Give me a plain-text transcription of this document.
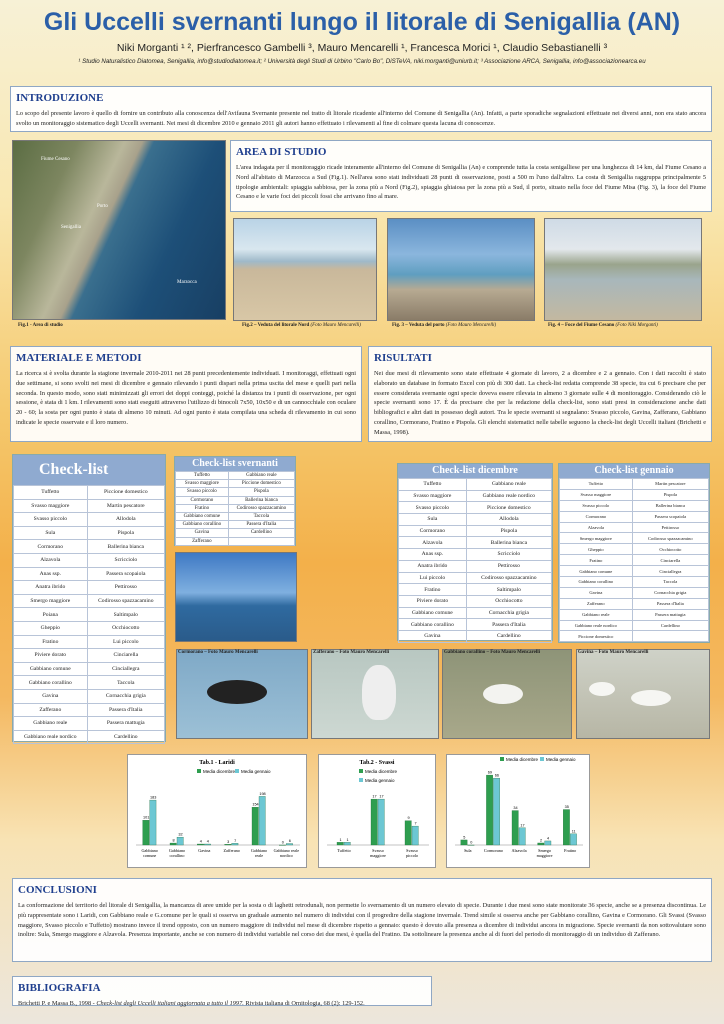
Gli Uccelli svernanti lungo il litorale di Senigallia (AN)
Niki Morganti ¹ ², Pierfrancesco Gambelli ³, Mauro Mencarelli ¹, Francesca Morici ¹, Claudio Sebastianelli ³
¹ Studio Naturalistico Diatomea, Senigallia, info@studiodiatomea.it; ² Università degli Studi di Urbino "Carlo Bo", DiSTeVA, niki.morganti@uniurb.it; ³ Associazione ARCA, Senigallia, info@associazionearca.eu
INTRODUZIONE

Lo scopo del presente lavoro è quello di fornire un contributo alla conoscenza dell'Avifauna Svernante presente nel tratto di litorale ricadente all'interno del Comune di Senigallia (An). Infatti, a parte sporadiche segnalazioni effettuate nei diversi anni, non era stato ancora svolto un monitoraggio sistematico degli Uccelli svernanti. Nei mesi di dicembre 2010 e gennaio 2011 gli autori hanno effettuato i rilevamenti al fine di colmare questa lacuna di conoscenze.

Fiume Cesano
Porto
Senigallia
Marzocca
Fig.1 - Area di studio
AREA DI STUDIO

L'area indagata per il monitoraggio ricade interamente all'interno del Comune di Senigallia (An) e comprende tutta la costa senigalliese per una lunghezza di 14 km, dal Fiume Cesano a Nord all'abitato di Marzocca a Sud (Fig.1). Nell'area sono stati individuati 28 punti di osservazione, posti a 500 m l'uno dall'altro. La costa di Senigallia raggruppa principalmente 5 tipologie ambientali: spiaggia sabbiosa, per la zona più a Nord (Fig.2), spiaggia ghiaiosa per la zona più a Sud, il porto, situato nella foce del Fiume Misa (Fig. 3), la foce del Fiume Cesano e le varie foci dei piccoli fossi che arrivano fino al mare.

Fig.2 – Veduta del litorale Nord (Foto Mauro Mencarelli)	Fig. 3 – Veduta del porto (Foto Mauro Mencarelli)	Fig. 4 – Foce del Fiume Cesano (Foto Niki Morganti)
MATERIALE E METODI

La ricerca si è svolta durante la stagione invernale 2010-2011 nei 28 punti precedentemente individuati. I monitoraggi, effettuati ogni due settimane, si sono svolti nei mesi di dicembre e gennaio rilevando i punti dispari nella prima uscita del mese e quelli pari nella seconda. In questo modo, sono stati minimizzati gli errori dei doppi conteggi, poiché la distanza tra i punti di osservazione, per ogni sessione, è stata di 1 km. I rilevamenti sono stati eseguiti attraverso l'utilizzo di binocoli 7x50, 10x50 e di un cannocchiale con oculare 20 - 60; la sosta per ogni punto è stata di almeno 10 minuti. Ad ogni punto è stata compilata una scheda di rilevamento in cui sono indicate le specie osservate e il loro numero.

RISULTATI

Nei due mesi di rilevamento sono state effettuate 4 giornate di lavoro, 2 a dicembre e 2 a gennaio. Con i dati raccolti è stato elaborato un database in formato Excel con più di 300 dati. La check-list redatta comprende 38 specie, tra cui 6 precisare che per essere considerata svernante ogni specie doveva essere rilevata in almeno 3 giornate sulle 4 di monitoraggio. Considerando ciò le specie svernanti sono 17. È da precisare che per la redazione della check-list, sono stati presi in considerazione anche dati bibliografici e altri dati in possesso degli autori. Tra le specie svernanti si segnalano: Svasso piccolo, Gavina, Zafferano, Gabbiano corallino, Cormorano, Fratino e Pispola. Gli elenchi sistematici nelle tabelle seguono la check-list degli Uccelli italiani (Brichetti e Massa, 1998).

Check-list
Tuffetto	Piccione domestico
Svasso maggiore	Martin pescatore
Svasso piccolo	Allodola
Sula	Pispola
Cormorano	Ballerina bianca
Alzavola	Scricciolo
Anas ssp.	Passera scopaiola
Anatra ibrido	Pettirosso
Smergo maggiore	Codirosso spazzacamino
Poiana	Saltimpalo
Gheppio	Occhiocotto
Fratino	Lui piccolo
Piviere dorato	Cinciarella
Gabbiano comune	Cinciallegra
Gabbiano corallino	Taccola
Gavina	Cornacchia grigia
Zafferano	Passera d'Italia
Gabbiano reale	Passera mattugia
Gabbiano reale nordico	Cardellino
Check-list svernanti
Tuffetto	Gabbiano reale
Svasso maggiore	Piccione domestico
Svasso piccolo	Pispola
Cormorano	Ballerina bianca
Fratino	Codirosso spazzacamino
Gabbiano comune	Taccola
Gabbiano corallino	Passera d'Italia
Gavina	Cardellino
Zafferano	
Check-list dicembre
Tuffetto	Gabbiano reale
Svasso maggiore	Gabbiano reale nordico
Svasso piccolo	Piccione domestico
Sula	Allodola
Cormorano	Pispola
Alzavola	Ballerina bianca
Anas ssp.	Scricciolo
Anatra ibrido	Pettirosso
Lui piccolo	Codirosso spazzacamino
Fratino	Saltimpalo
Piviere dorato	Occhiocotto
Gabbiano comune	Cornacchia grigia
Gabbiano corallino	Passera d'Italia
Gavina	Cardellino
Check-list gennaio
Tuffetto	Martin pescatore
Svasso maggiore	Pispola
Svasso piccolo	Ballerina bianca
Cormorano	Passera scopaiola
Alzavola	Pettirosso
Smergo maggiore	Codirosso spazzacamino
Gheppio	Occhiocotto
Fratino	Cinciarella
Gabbiano comune	Cinciallegra
Gabbiano corallino	Taccola
Gavina	Cornacchia grigia
Zafferano	Passera d'Italia
Gabbiano reale	Passera mattugia
Gabbiano reale nordico	Cardellino
Piccione domestico	
Cormorano – Foto Mauro Mencarelli	Zafferano – Foto Mauro Mencarelli	Gabbiano corallino – Foto Mauro Mencarelli	Gavina – Foto Mauro Mencarelli
Tab.1 - Laridi
Media dicembre Media gennaio
101
183
Gabbiano
comune
8
32
Gabbiano
corallino
4 4
Gavina
3 7
Zafferano
154
198
Gabbiano
reale
0 6
Gabbiano reale
nordico
Tab.2 - Svassi
Media dicembre
Media gennaio
1 1
Tuffetto
17 17
Svasso
maggiore
9
7
Svasso
piccolo
Media dicembre Media gennaio
5
0
Sula
69
66
Cormorano
34
17
Alzavola
2
4
Smergo
maggiore
35
11
Fratino
CONCLUSIONI

La conformazione del territorio del litorale di Senigallia, la mancanza di aree umide per la sosta o di laghetti retrodunali, non permette lo svernamento di un numero elevato di specie. Durante i due mesi sono state monitorate 36 specie, anche se a presenza discontinua. Le più rappresentate sono i Laridi, con Gabbiano reale e G.comune per le quali si osserva un graduale aumento nel numero di individui con il progredire della stagione invernale. Trend simile si osserva anche per Gabbiano corallino, Gavina e Cormorano. Gli Svassi (Svasso maggiore, Svasso piccolo e Tuffetto) mostrano invece il trend opposto, con un numero maggiore di individui nel mese di dicembre rispetto a gennaio: questo è dovuto alla presenza a dicembre di individui ancora in migrazione. Specie svernanti da non sottovalutare sono inoltre: Sula, Smergo maggiore e Alzavola. Presenza importante, anche se con numero di individui variabile nel corso dei due mesi, è quella del Fratino. Da sottolineare la presenza anche al di fuori del periodo di monitoraggio di un individuo di Zafferano.

BIBLIOGRAFIA

Brichetti P. e Massa B., 1998 - Check-list degli Uccelli italiani aggiornata a tutto il 1997. Rivista italiana di Ornitologia, 68 (2): 129-152.
